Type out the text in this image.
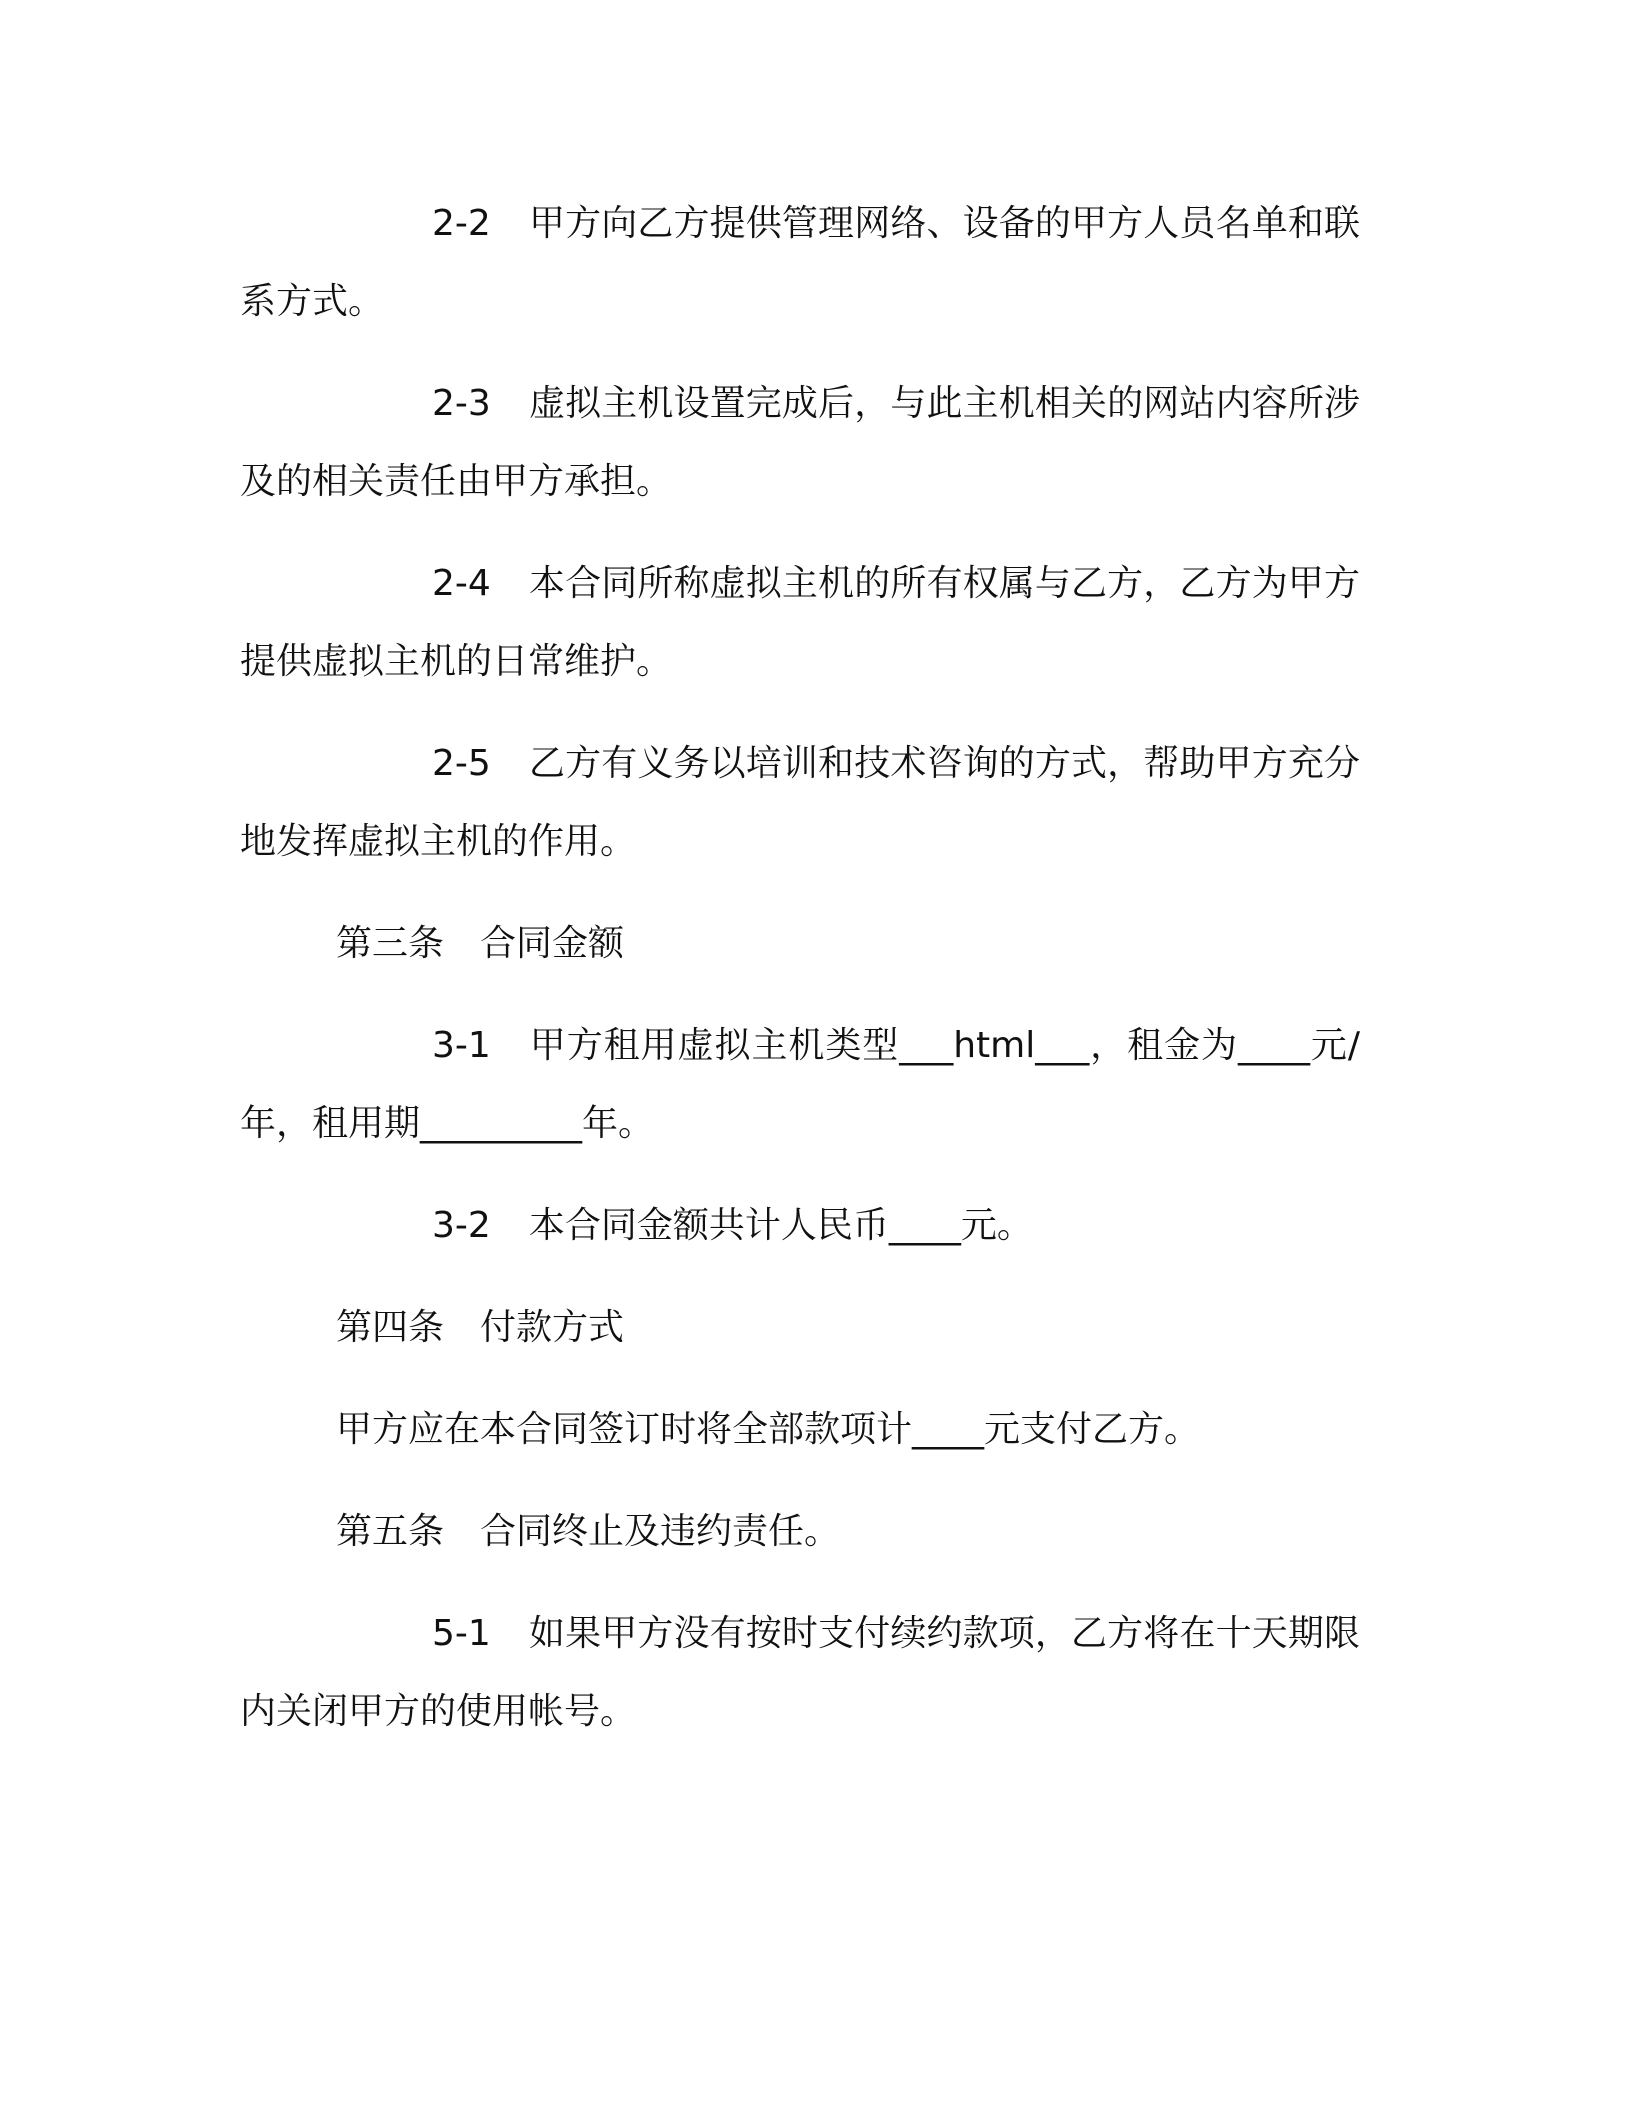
2-2 甲方向乙方提供管理网络、设备的甲方人员名单和联系方式。

2-3 虚拟主机设置完成后，与此主机相关的网站内容所涉及的相关责任由甲方承担。

2-4 本合同所称虚拟主机的所有权属与乙方，乙方为甲方提供虚拟主机的日常维护。

2-5 乙方有义务以培训和技术咨询的方式，帮助甲方充分地发挥虚拟主机的作用。

第三条 合同金额

3-1 甲方租用虚拟主机类型___html___，租金为____元/年，租用期_________年。

3-2 本合同金额共计人民币____元。

第四条 付款方式

甲方应在本合同签订时将全部款项计____元支付乙方。

第五条 合同终止及违约责任。

5-1 如果甲方没有按时支付续约款项，乙方将在十天期限内关闭甲方的使用帐号。
